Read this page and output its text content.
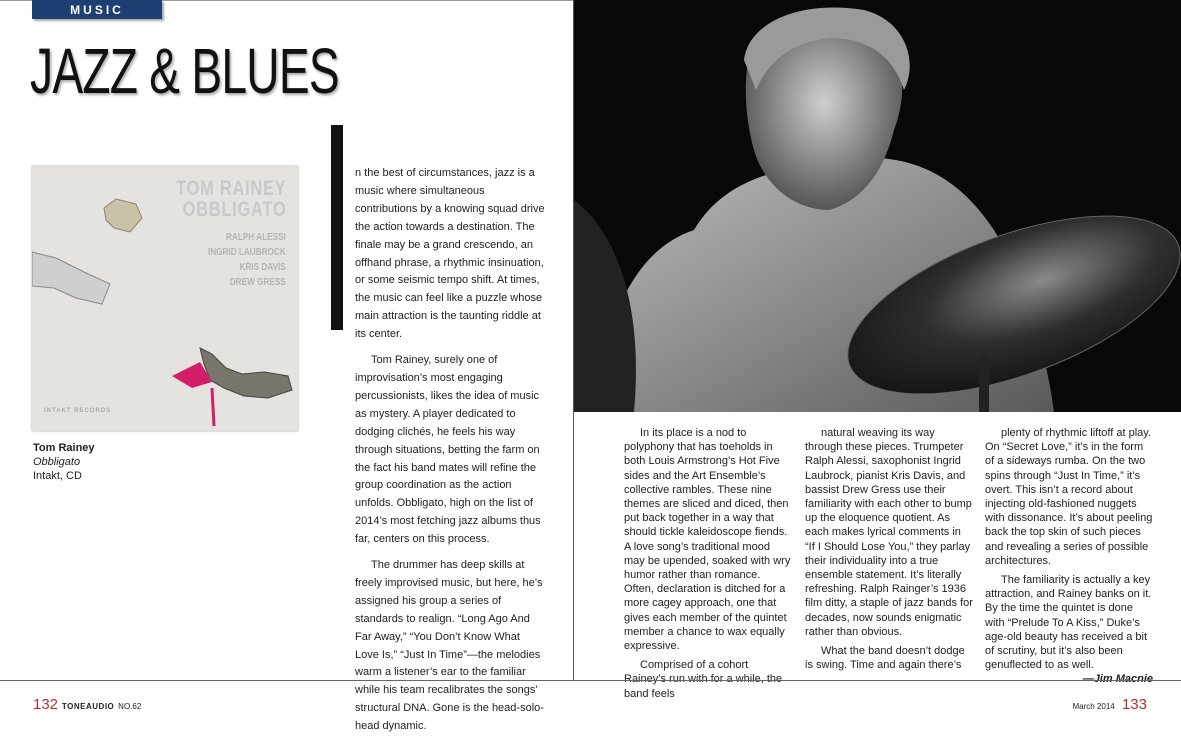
MUSIC
JAZZ & BLUES
TOM RAINEY
OBBLIGATO
RALPH ALESSI
INGRID LAUBROCK
KRIS DAVIS
DREW GRESS
INTAKT RECORDS
Tom Rainey
Obbligato
Intakt, CD

n the best of circumstances, jazz is a music where simultaneous contributions by a knowing squad drive the action towards a destination. The finale may be a grand crescendo, an offhand phrase, a rhythmic insinuation, or some seismic tempo shift. At times, the music can feel like a puzzle whose main attraction is the taunting riddle at its center.

Tom Rainey, surely one of improvisation’s most engaging percussionists, likes the idea of music as mystery. A player dedicated to dodging clichés, he feels his way through situations, betting the farm on the fact his band mates will refine the group coordination as the action unfolds. Obbligato, high on the list of 2014’s most fetching jazz albums thus far, centers on this process.

The drummer has deep skills at freely improvised music, but here, he’s assigned his group a series of standards to realign. “Long Ago And Far Away,” “You Don’t Know What Love Is,” “Just In Time”—the melodies warm a listener’s ear to the familiar while his team recalibrates the songs’ structural DNA. Gone is the head-solo-head dynamic.

In its place is a nod to polyphony that has toeholds in both Louis Armstrong’s Hot Five sides and the Art Ensemble’s collective rambles. These nine themes are sliced and diced, then put back together in a way that should tickle kaleidoscope fiends. A love song’s traditional mood may be upended, soaked with wry humor rather than romance. Often, declaration is ditched for a more cagey approach, one that gives each member of the quintet member a chance to wax equally expressive.

Comprised of a cohort band feels

natural weaving its way through these pieces. Trumpeter Ralph Alessi, saxophonist Ingrid Laubrock, pianist Kris Davis, and bassist Drew Gress use their familiarity with each other to bump up the eloquence quotient. As each makes lyrical comments in “If I Should Lose You,” they parlay their individuality into a true ensemble statement. It’s literally refreshing. Ralph Rainger’s 1936 film ditty, a staple of jazz bands for decades, now sounds enigmatic rather than obvious.

What the band doesn’t dodge is swing. Time and again there’s

plenty of rhythmic liftoff at play. On “Secret Love,” it’s in the form of a sideways rumba. On the two spins through “Just In Time,” it’s overt. This isn’t a record about injecting old-fashioned nuggets with dissonance. It’s about peeling back the top skin of such pieces and revealing a series of possible architectures.

The familiarity is actually a key attraction, and Rainey banks on it. By the time the quintet is done with “Prelude To A Kiss,” Duke’s age-old beauty has received a bit of scrutiny, but it’s also been genuflected to as well.

132 TONEAUDIO NO.62	March 2014 133
